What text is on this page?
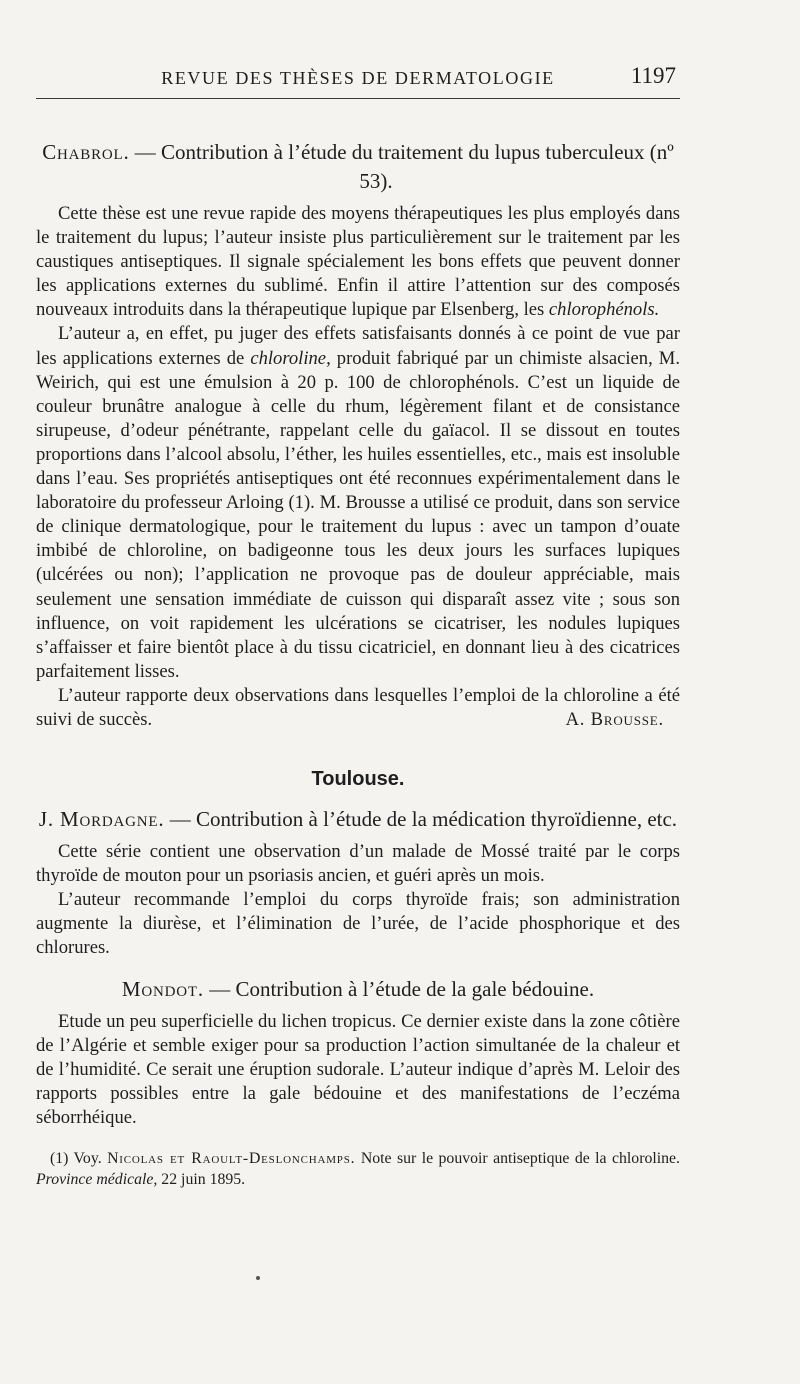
REVUE DES THÈSES DE DERMATOLOGIE	1197

Chabrol. — Contribution à l’étude du traitement du lupus tuberculeux (nº 53).

Cette thèse est une revue rapide des moyens thérapeutiques les plus employés dans le traitement du lupus; l’auteur insiste plus particulièrement sur le traitement par les caustiques antiseptiques. Il signale spécialement les bons effets que peuvent donner les applications externes du sublimé. Enfin il attire l’attention sur des composés nouveaux introduits dans la thérapeutique lupique par Elsenberg, les chlorophénols.

L’auteur a, en effet, pu juger des effets satisfaisants donnés à ce point de vue par les applications externes de chloroline, produit fabriqué par un chimiste alsacien, M. Weirich, qui est une émulsion à 20 p. 100 de chlorophénols. C’est un liquide de couleur brunâtre analogue à celle du rhum, légèrement filant et de consistance sirupeuse, d’odeur pénétrante, rappelant celle du gaïacol. Il se dissout en toutes proportions dans l’alcool absolu, l’éther, les huiles essentielles, etc., mais est insoluble dans l’eau. Ses propriétés antiseptiques ont été reconnues expérimentalement dans le laboratoire du professeur Arloing (1). M. Brousse a utilisé ce produit, dans son service de clinique dermatologique, pour le traitement du lupus : avec un tampon d’ouate imbibé de chloroline, on badigeonne tous les deux jours les surfaces lupiques (ulcérées ou non); l’application ne provoque pas de douleur appréciable, mais seulement une sensation immédiate de cuisson qui disparaît assez vite ; sous son influence, on voit rapidement les ulcérations se cicatriser, les nodules lupiques s’affaisser et faire bientôt place à du tissu cicatriciel, en donnant lieu à des cicatrices parfaitement lisses.

L’auteur rapporte deux observations dans lesquelles l’emploi de la chloroline a été suivi de succès.	A. Brousse.

Toulouse.

J. Mordagne. — Contribution à l’étude de la médication thyroïdienne, etc.

Cette série contient une observation d’un malade de Mossé traité par le corps thyroïde de mouton pour un psoriasis ancien, et guéri après un mois.

L’auteur recommande l’emploi du corps thyroïde frais; son administration augmente la diurèse, et l’élimination de l’urée, de l’acide phosphorique et des chlorures.

Mondot. — Contribution à l’étude de la gale bédouine.

Etude un peu superficielle du lichen tropicus. Ce dernier existe dans la zone côtière de l’Algérie et semble exiger pour sa production l’action simultanée de la chaleur et de l’humidité. Ce serait une éruption sudorale. L’auteur indique d’après M. Leloir des rapports possibles entre la gale bédouine et des manifestations de l’eczéma séborrhéique.

(1) Voy. Nicolas et Raoult-Deslonchamps. Note sur le pouvoir antiseptique de la chloroline. Province médicale, 22 juin 1895.
